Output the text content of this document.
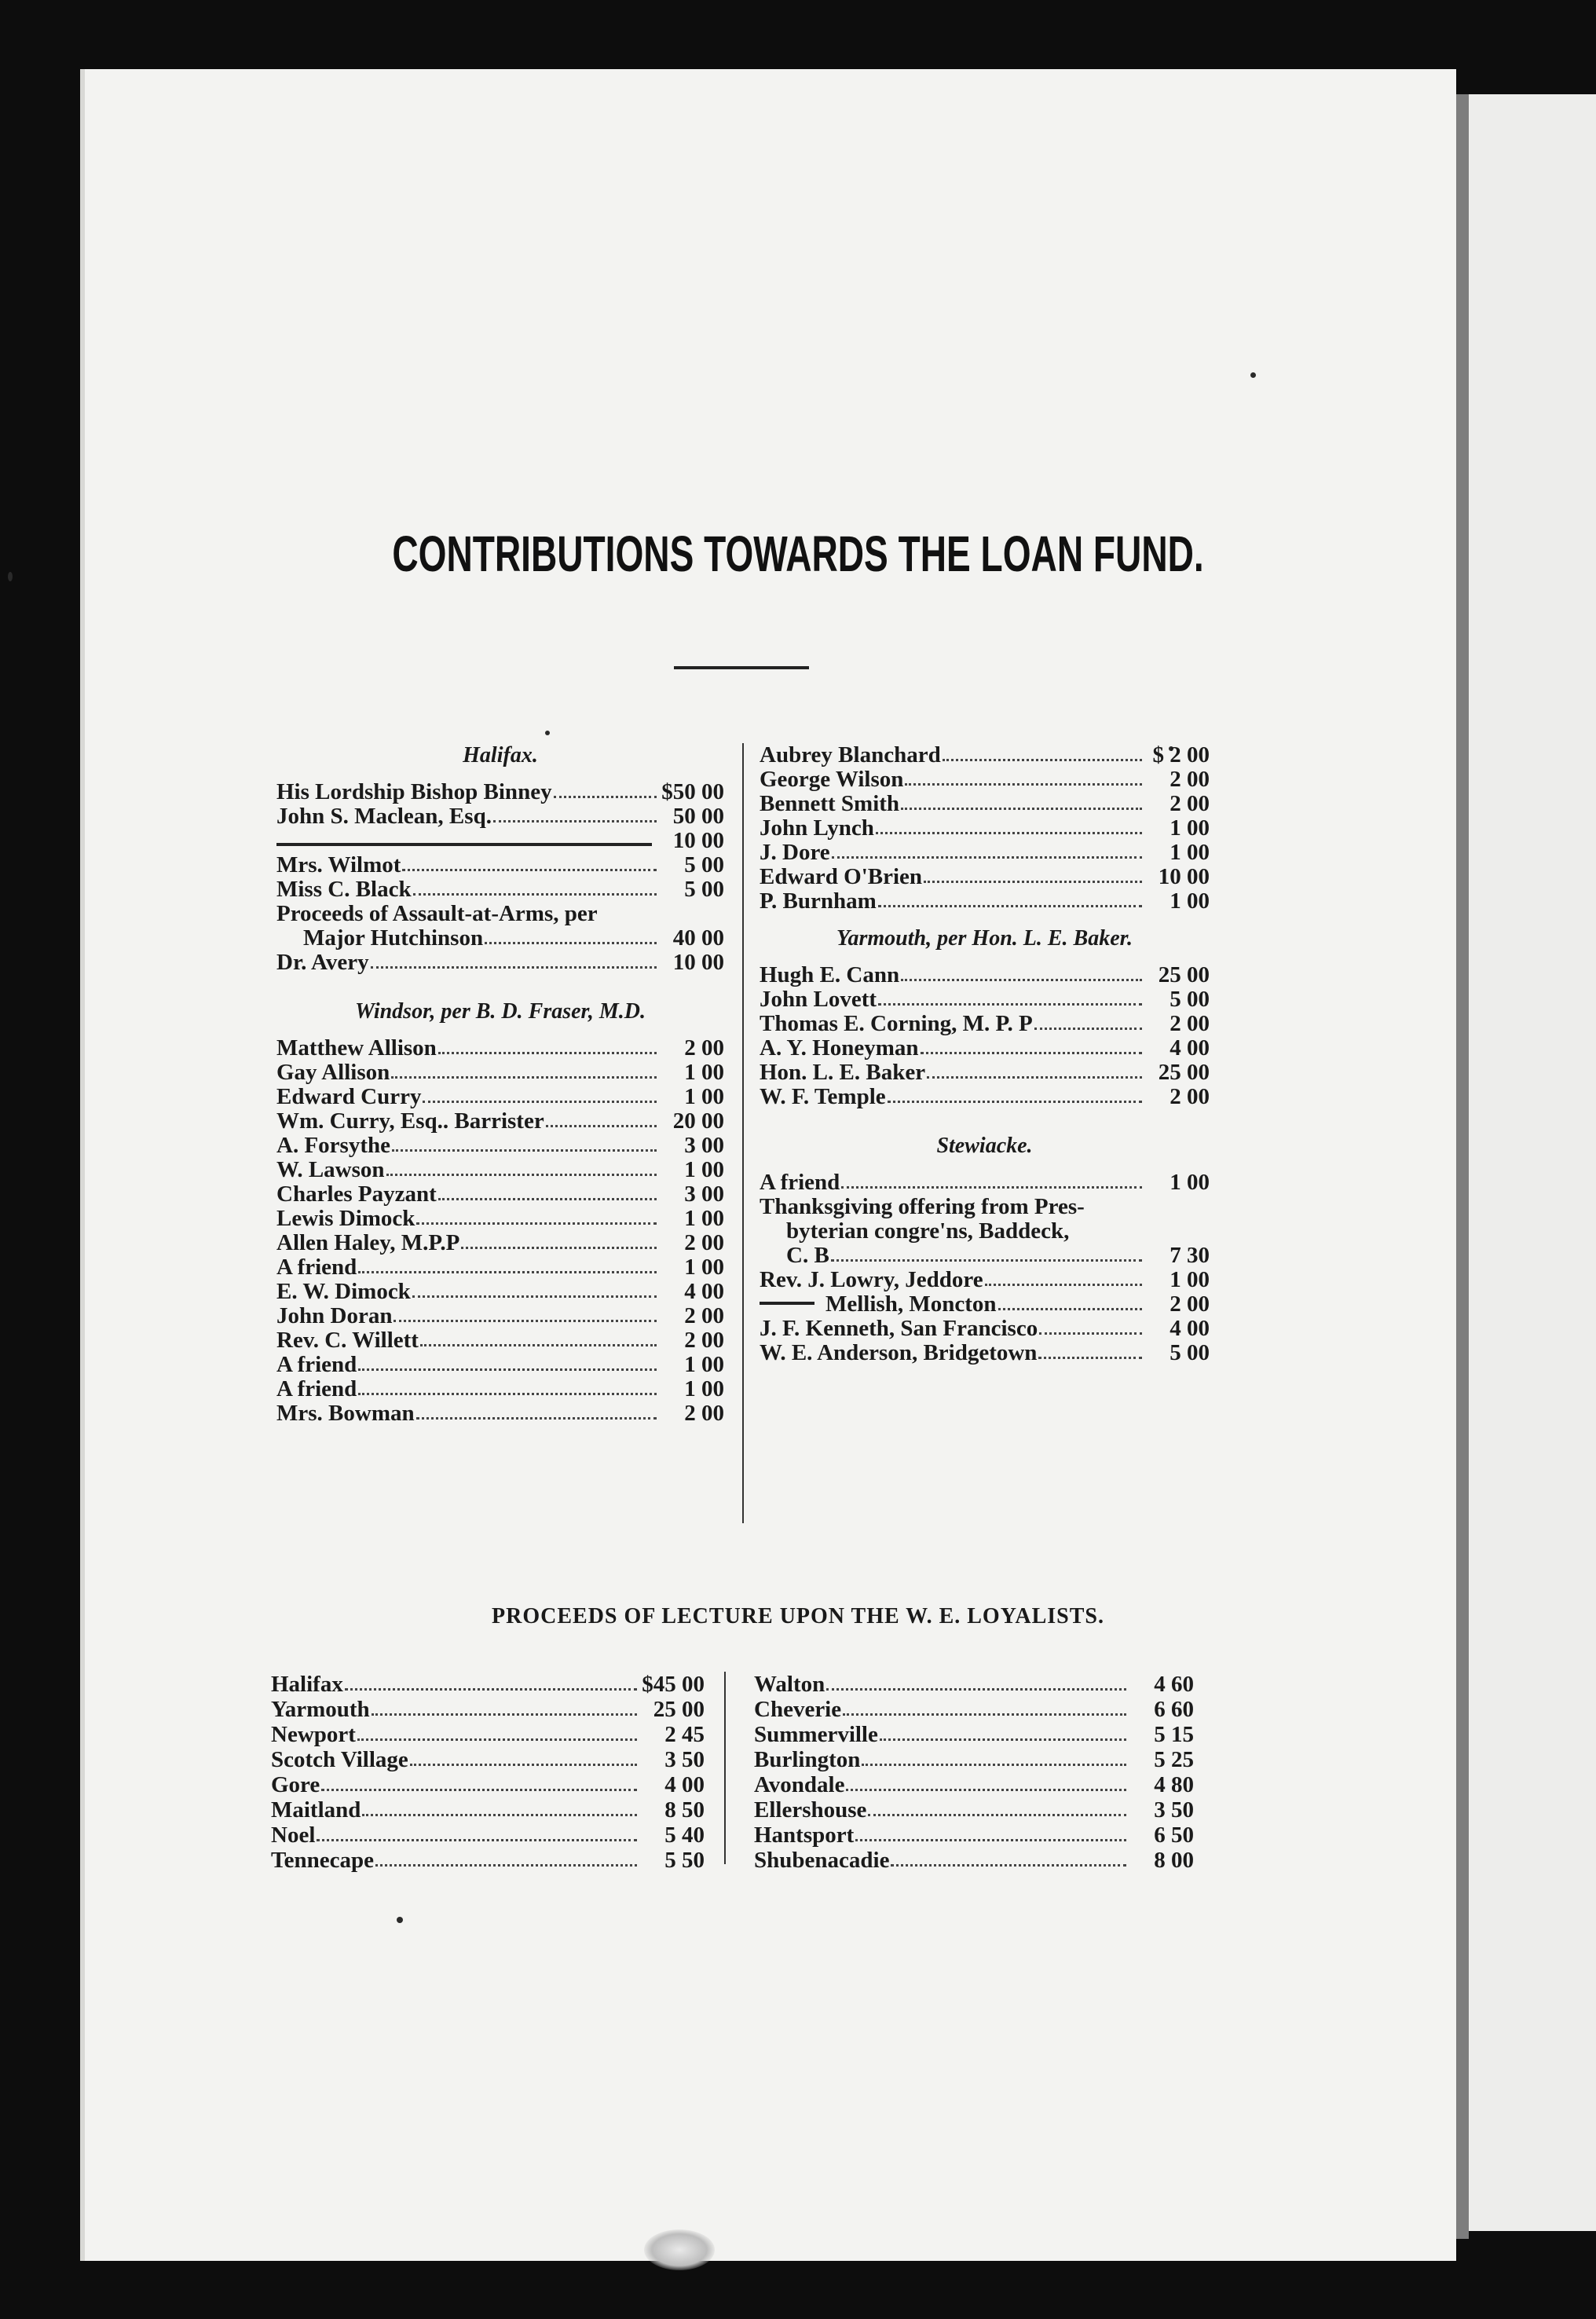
CONTRIBUTIONS TOWARDS THE LOAN FUND.
Halifax.
His Lordship Bishop Binney	$50 00
John S. Maclean, Esq.	50 00
10 00
Mrs. Wilmot	5 00
Miss C. Black	5 00
Proceeds of Assault-at-Arms, per
Major Hutchinson	40 00
Dr. Avery	10 00
Windsor, per B. D. Fraser, M.D.
Matthew Allison	2 00
Gay Allison	1 00
Edward Curry	1 00
Wm. Curry, Esq.. Barrister	20 00
A. Forsythe	3 00
W. Lawson	1 00
Charles Payzant	3 00
Lewis Dimock	1 00
Allen Haley, M.P.P	2 00
A friend	1 00
E. W. Dimock	4 00
John Doran	2 00
Rev. C. Willett	2 00
A friend	1 00
A friend	1 00
Mrs. Bowman	2 00
Aubrey Blanchard	$ 2 00
George Wilson	2 00
Bennett Smith	2 00
John Lynch	1 00
J. Dore	1 00
Edward O'Brien	10 00
P. Burnham	1 00
Yarmouth, per Hon. L. E. Baker.
Hugh E. Cann	25 00
John Lovett	5 00
Thomas E. Corning, M. P. P	2 00
A. Y. Honeyman	4 00
Hon. L. E. Baker	25 00
W. F. Temple	2 00
Stewiacke.
A friend	1 00
Thanksgiving offering from Pres-
byterian congre'ns, Baddeck,
C. B	7 30
Rev. J. Lowry, Jeddore	1 00
Mellish, Moncton	2 00
J. F. Kenneth, San Francisco	4 00
W. E. Anderson, Bridgetown	5 00
PROCEEDS OF LECTURE UPON THE W. E. LOYALISTS.
Halifax	$45 00
Yarmouth	25 00
Newport	2 45
Scotch Village	3 50
Gore	4 00
Maitland	8 50
Noel	5 40
Tennecape	5 50
Walton	4 60
Cheverie	6 60
Summerville	5 15
Burlington	5 25
Avondale	4 80
Ellershouse	3 50
Hantsport	6 50
Shubenacadie	8 00
